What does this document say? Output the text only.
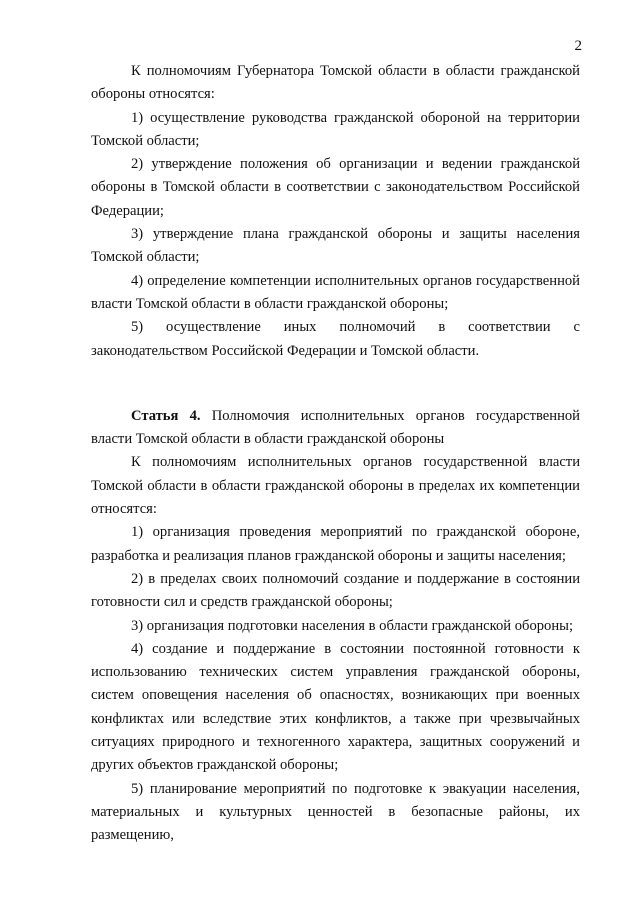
2

К полномочиям Губернатора Томской области в области гражданской обороны относятся:

1) осуществление руководства гражданской обороной на территории Томской области;

2) утверждение положения об организации и ведении гражданской обороны в Томской области в соответствии с законодательством Российской Федерации;

3) утверждение плана гражданской обороны и защиты населения Томской области;

4) определение компетенции исполнительных органов государственной власти Томской области в области гражданской обороны;

5) осуществление иных полномочий в соответствии с законодательством Российской Федерации и Томской области.

Статья 4. Полномочия исполнительных органов государственной власти Томской области в области гражданской обороны

К полномочиям исполнительных органов государственной власти Томской области в области гражданской обороны в пределах их компетенции относятся:

1) организация проведения мероприятий по гражданской обороне, разработка и реализация планов гражданской обороны и защиты населения;

2) в пределах своих полномочий создание и поддержание в состоянии готовности сил и средств гражданской обороны;

3) организация подготовки населения в области гражданской обороны;

4) создание и поддержание в состоянии постоянной готовности к использованию технических систем управления гражданской обороны, систем оповещения населения об опасностях, возникающих при военных конфликтах или вследствие этих конфликтов, а также при чрезвычайных ситуациях природного и техногенного характера, защитных сооружений и других объектов гражданской обороны;

5) планирование мероприятий по подготовке к эвакуации населения, материальных и культурных ценностей в безопасные районы, их размещению,
